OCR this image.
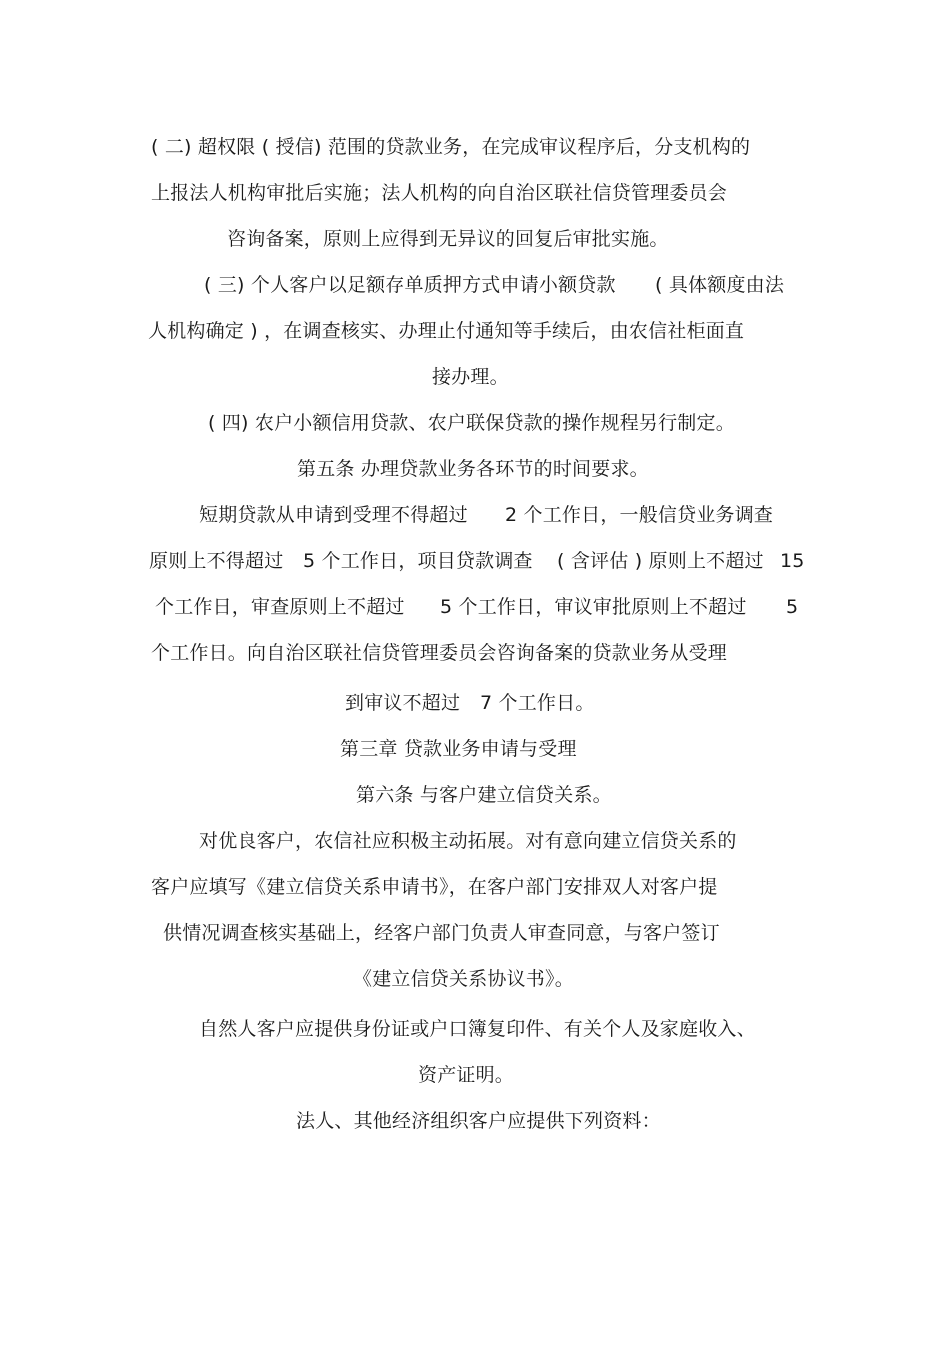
( 二) 超权限 ( 授信) 范围的贷款业务，在完成审议程序后，分支机构的
上报法人机构审批后实施；法人机构的向自治区联社信贷管理委员会
咨询备案，原则上应得到无异议的回复后审批实施。
( 三) 个人客户以足额存单质押方式申请小额贷款 ( 具体额度由法
人机构确定 ) ，在调查核实、办理止付通知等手续后，由农信社柜面直
接办理。
( 四) 农户小额信用贷款、农户联保贷款的操作规程另行制定。
第五条 办理贷款业务各环节的时间要求。
短期贷款从申请到受理不得超过 2 个工作日，一般信贷业务调查
原则上不得超过 5 个工作日，项目贷款调查 ( 含评估 ) 原则上不超过 15
个工作日，审查原则上不超过 5 个工作日，审议审批原则上不超过 5
个工作日。向自治区联社信贷管理委员会咨询备案的贷款业务从受理
到审议不超过 7 个工作日。
第三章 贷款业务申请与受理
第六条 与客户建立信贷关系。
对优良客户，农信社应积极主动拓展。对有意向建立信贷关系的
客户应填写《建立信贷关系申请书》，在客户部门安排双人对客户提
供情况调查核实基础上，经客户部门负责人审查同意，与客户签订
《建立信贷关系协议书》。
自然人客户应提供身份证或户口簿复印件、有关个人及家庭收入、
资产证明。
法人、其他经济组织客户应提供下列资料：
